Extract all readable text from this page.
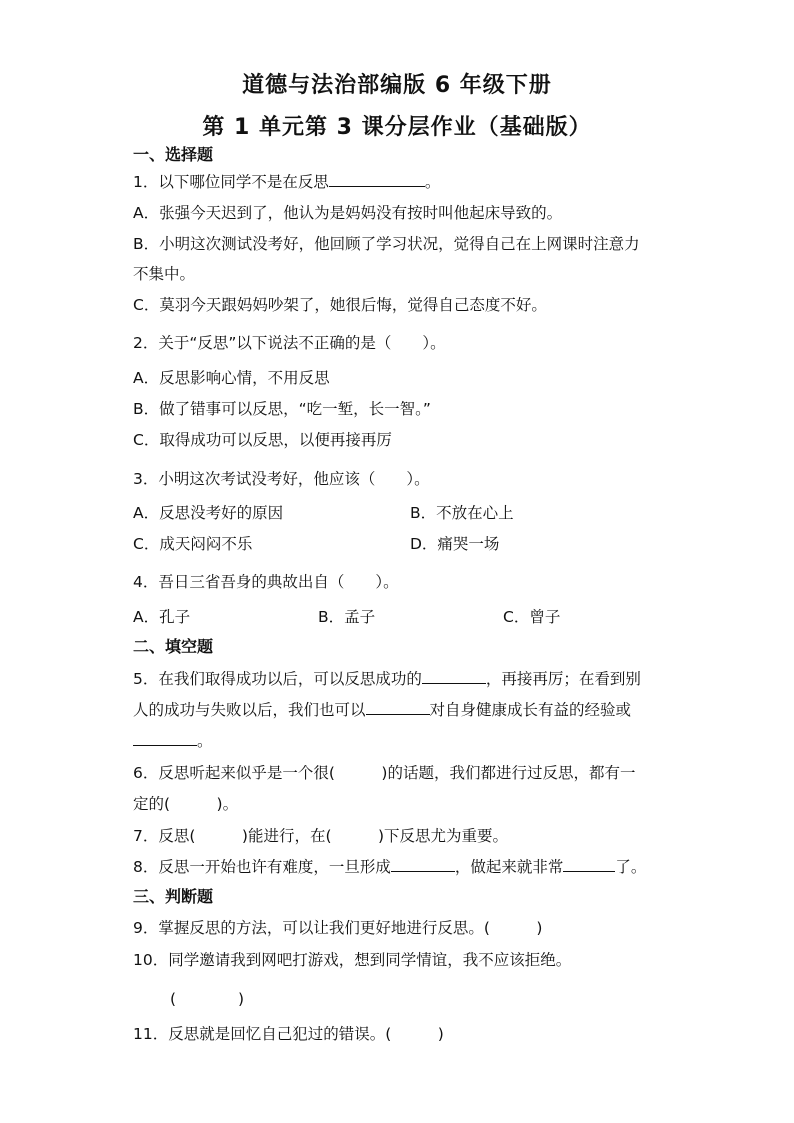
道德与法治部编版 6 年级下册
第 1 单元第 3 课分层作业（基础版）
一、选择题
1．以下哪位同学不是在反思	。
A．张强今天迟到了，他认为是妈妈没有按时叫他起床导致的。
B．小明这次测试没考好，他回顾了学习状况，觉得自己在上网课时注意力
不集中。
C．莫羽今天跟妈妈吵架了，她很后悔，觉得自己态度不好。
2．关于“反思”以下说法不正确的是（　　）。
A．反思影响心情，不用反思
B．做了错事可以反思，“吃一堑，长一智。”
C．取得成功可以反思，以便再接再厉
3．小明这次考试没考好，他应该（　　）。
A．反思没考好的原因	B．不放在心上
C．成天闷闷不乐	D．痛哭一场
4．吾日三省吾身的典故出自（　　）。
A．孔子	B．孟子	C．曾子
二、填空题
5．在我们取得成功以后，可以反思成功的	，再接再厉；在看到别
人的成功与失败以后，我们也可以	对自身健康成长有益的经验或
。
6．反思听起来似乎是一个很(　　　)的话题，我们都进行过反思，都有一
定的(　　　)。
7．反思(　　　)能进行，在(　　　)下反思尤为重要。
8．反思一开始也许有难度，一旦形成	，做起来就非常	了。
三、判断题
9．掌握反思的方法，可以让我们更好地进行反思。(　　　)
10．同学邀请我到网吧打游戏，想到同学情谊，我不应该拒绝。
(　　　　)
11．反思就是回忆自己犯过的错误。(　　　)
